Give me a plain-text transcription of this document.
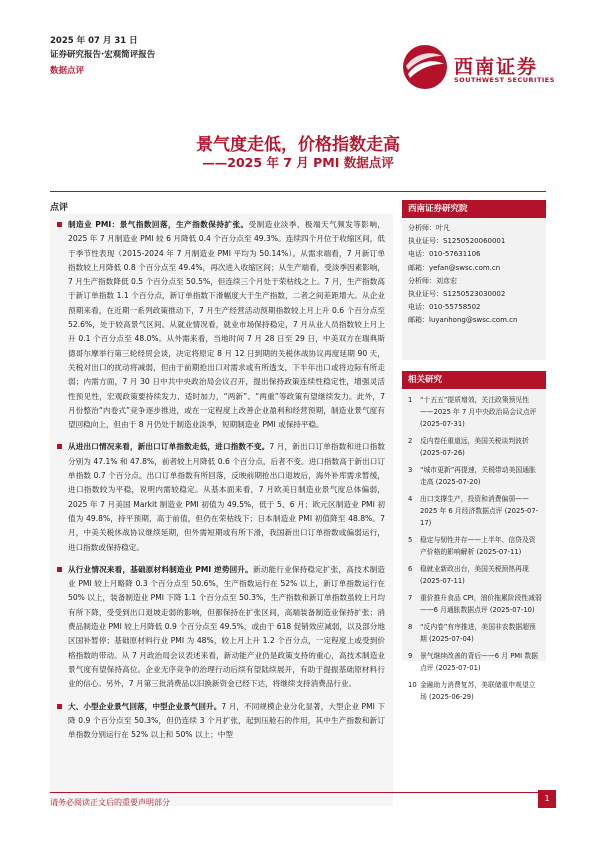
2025 年 07 月 31 日
证券研究报告·宏观简评报告
数据点评	西南证券
SOUTHWEST SECURITIES
景气度走低，价格指数走高
——2025 年 7 月 PMI 数据点评
点评
制造业 PMI：景气指数回落，生产指数保持扩张。受制造业淡季、极端天气频发等影响，2025 年 7 月制造业 PMI 较 6 月降低 0.4 个百分点至 49.3%。连续四个月位于收缩区间，低于季节性表现（2015-2024 年 7 月制造业 PMI 平均为 50.14%）。从需求端看，7 月新订单指数较上月降低 0.8 个百分点至 49.4%，再次进入收缩区间；从生产端看，受淡季因素影响，7 月生产指数降低 0.5 个百分点至 50.5%，但连续三个月处于荣枯线之上。7 月，生产指数高于新订单指数 1.1 个百分点，新订单指数下滑幅度大于生产指数，二者之间差距增大。从企业预期来看，在近期一系列政策推动下，7 月生产经营活动预期指数较上月上升 0.6 个百分点至 52.6%，处于较高景气区间。从就业情况看，就业市场保持稳定，7 月从业人员指数较上月上升 0.1 个百分点至 48.0%。从外需来看，当地时间 7 月 28 日至 29 日，中美双方在瑞典斯德哥尔摩举行第三轮经贸会谈，决定将原定 8 月 12 日到期的关税休战协议再度延期 90 天，关税对出口的扰动将减弱，但由于前期抢出口对需求或有所透支，下半年出口或将边际有所走弱；内需方面，7 月 30 日中共中央政治局会议召开，提出保持政策连续性稳定性，增强灵活性预见性，宏观政策要持续发力、适时加力，“两新”、“两重”等政策有望继续发力。此外，7 月份整治“内卷式”竞争逐步推进，或在一定程度上改善企业盈利和经营预期，制造业景气度有望回稳向上，但由于 8 月仍处于制造业淡季，短期制造业 PMI 或保持平稳。
从进出口情况来看，新出口订单指数走低，进口指数不变。7 月，新出口订单指数和进口指数分别为 47.1% 和 47.8%，前者较上月降低 0.6 个百分点，后者不变。进口指数高于新出口订单指数 0.7 个百分点。出口订单指数有所回落，反映前期抢出口退坡后，海外补库需求暂缓，进口指数较为平稳，说明内需较稳定。从基本面来看，7 月欧美日制造业景气度总体偏弱，2025 年 7 月美国 Markit 制造业 PMI 初值为 49.5%，低于 5、6 月；欧元区制造业 PMI 初值为 49.8%，持平预期，高于前值，但仍在荣枯线下；日本制造业 PMI 初值降至 48.8%。7 月，中美关税休战协议继续延期，但外需短期或有所下滑，我国新出口订单指数或偏弱运行，进口指数或保持稳定。
从行业情况来看，基础原材料制造业 PMI 逆势回升。新动能行业保持稳定扩张，高技术制造业 PMI 较上月略降 0.3 个百分点至 50.6%，生产指数运行在 52% 以上，新订单指数运行在 50% 以上，装备制造业 PMI 下降 1.1 个百分点至 50.3%，生产指数和新订单指数虽较上月均有所下降，受受到出口退坡走弱的影响，但都保持在扩张区间，高端装备制造业保持扩张；消费品制造业 PMI 较上月降低 0.9 个百分点至 49.5%，或由于 618 促销效应减弱，以及部分地区国补暂停；基础原材料行业 PMI 为 48%，较上月上升 1.2 个百分点，一定程度上或受到价格指数的带动。从 7 月政治局会议表述来看，新动能产业仍是政策支持的重心，高技术制造业景气度有望保持高位。企业无序竞争的治理行动后续有望陆续展开，有助于提振基础原材料行业的信心。另外，7 月第三批消费品以旧换新资金已经下达，将继续支持消费品行业。
大、小型企业景气回落，中型企业景气回升。7 月，不同规模企业分化显著，大型企业 PMI 下降 0.9 个百分点至 50.3%，但仍连续 3 个月扩张，起到压舱石的作用，其中生产指数和新订单指数分别运行在 52% 以上和 50% 以上；中型
西南证券研究院
分析师：叶凡
执业证号：S1250520060001
电话：010-57631106
邮箱：yefan@swsc.com.cn
分析师：刘彦宏
执业证号：S1250523030002
电话：010-55758502
邮箱：luyanhong@swsc.com.cn
相关研究
1 “十五五”提质增效，关注政策预见性——2025 年 7 月中央政治局会议点评 (2025-07-31)
2 反内卷任重道远，美国关税谈判波折 (2025-07-26)
3 “城市更新”再提速，关税带动美国通胀走高 (2025-07-20)
4 出口支撑生产，投资和消费偏弱——2025 年 6 月经济数据点评 (2025-07-17)
5 稳定与韧性并存——上半年、信贷及资产价格的影响解析 (2025-07-11)
6 稳就业新政出台，美国关税预热再现 (2025-07-11)
7 重价推升食品 CPI，油价拖累阶段性减弱——6 月通胀数据点评 (2025-07-10)
8 “反内卷”有序推进，美国非农数据超预期 (2025-07-04)
9 景气继续改善的背后——6 月 PMI 数据点评 (2025-07-01)
10 金融助力消费复苏，美联储重申观望立场 (2025-06-29)
请务必阅读正文后的重要声明部分	1
